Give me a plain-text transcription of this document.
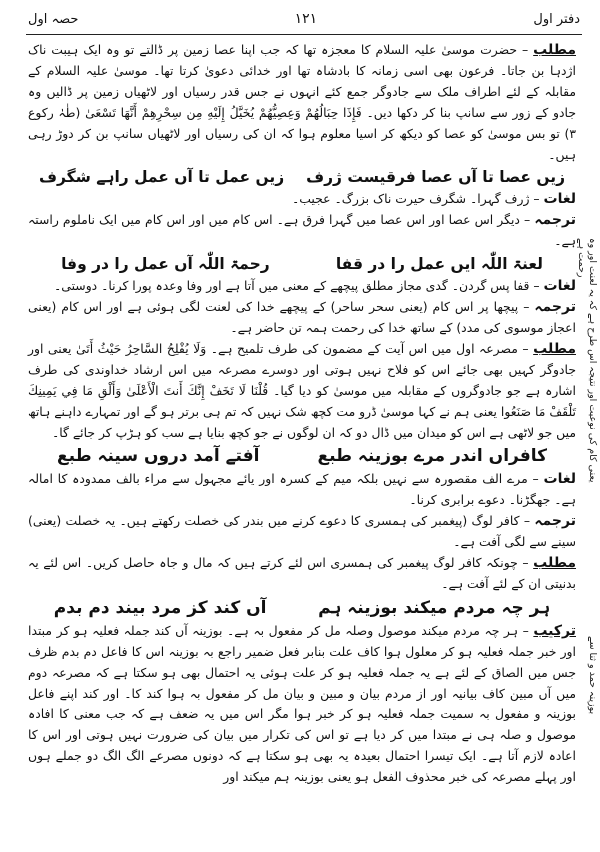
دفتر اول
۱۲۱
حصہ اول

مطلب – حضرت موسیٰ علیہ السلام کا معجزہ تھا کہ جب اپنا عصا زمین پر ڈالتے تو وہ ایک ہیبت ناک اژدہا بن جاتا۔ فرعون بھی اسی زمانہ کا بادشاہ تھا اور خدائی دعویٰ کرتا تھا۔ موسیٰ علیہ السلام کے مقابلہ کے لئے اطراف ملک سے جادوگر جمع کئے انہوں نے جس قدر رسیاں اور لاٹھیاں زمین پر ڈالیں وہ جادو کے زور سے سانپ بنا کر دکھا دیں۔ فَإِذَا حِبَالُهُمْ وَعِصِيُّهُمْ يُخَيَّلُ إِلَيْهِ مِن سِحْرِهِمْ أَنَّهَا تَسْعَىٰ (طٰہٰ رکوع ۳) تو بس موسیٰ کو عصا کو دیکھ کر اسیا معلوم ہوا کہ ان کی رسیاں اور لاٹھیاں سانپ بن کر دوڑ رہی ہیں۔

زیں عصا تا آں عصا فرقیست ژرف
زیں عمل تا آں عمل راہے شگرف

لغات – ژرف گہرا۔ شگرف حیرت ناک بزرگ۔ عجیب۔

ترجمہ – دیگر اس عصا اور اس عصا میں گہرا فرق ہے۔ اس کام میں اور اس کام میں ایک ناملوم راستہ ہے۔

لعنۃ اللّٰہ ایں عمل را در قفا
رحمۃ اللّٰہ آں عمل را در وفا

لغات – قفا پس گردن۔ گدی مجاز مطلق پیچھے کے معنی میں آتا ہے اور وفا وعدہ پورا کرنا۔ دوستی۔

ترجمہ – پیچھا پر اس کام (یعنی سحر ساحر) کے پیچھے خدا کی لعنت لگی ہوئی ہے اور اس کام (یعنی اعجاز موسوی کی مدد) کے ساتھ خدا کی رحمت ہمہ تن حاضر ہے۔

مطلب – مصرعہ اول میں اس آیت کے مضمون کی طرف تلمیح ہے۔ وَلَا يُفْلِحُ السَّاحِرُ حَيْثُ أَتَىٰ یعنی اور جادوگر کہیں بھی جائے اس کو فلاح نہیں ہوتی اور دوسرے مصرعہ میں اس ارشاد خداوندی کی طرف اشارہ ہے جو جادوگروں کے مقابلہ میں موسیٰ کو دیا گیا۔ قُلْنَا لَا تَخَفْ إِنَّكَ أَنتَ الْأَعْلَىٰ وَأَلْقِ مَا فِي يَمِينِكَ تَلْقَفْ مَا صَنَعُوا یعنی ہم نے کہا موسیٰ ڈرو مت کچھ شک نہیں کہ تم ہی برتر ہو گے اور تمہارے داہنے ہاتھ میں جو لاٹھی ہے اس کو میدان میں ڈال دو کہ ان لوگوں نے جو کچھ بنایا ہے سب کو ہڑپ کر جائے گا۔

کافراں اندر مرے بوزینہ طبع
آفتے آمد دروں سینہ طبع

لغات – مرے الف مقصورہ سے نہیں بلکہ میم کے کسرہ اور یائے مجہول سے مراء بالف ممدودہ کا امالہ ہے۔ جھگڑنا۔ دعوے برابری کرنا۔

ترجمہ – کافر لوگ (پیغمبر کی ہمسری کا دعوے کرنے میں بندر کی خصلت رکھتے ہیں۔ یہ خصلت (یعنی) سینے سے لگی آفت ہے۔

مطلب – چونکہ کافر لوگ پیغمبر کی ہمسری اس لئے کرتے ہیں کہ مال و جاہ حاصل کریں۔ اس لئے یہ بدنیتی ان کے لئے آفت ہے۔

ہر چہ مردم میکند بوزینہ ہم
آں کند کز مرد بیند دم بدم

ترکیب – ہر چہ مردم میکند موصول وصلہ مل کر مفعول بہ ہے۔ بوزینہ آں کند جملہ فعلیہ ہو کر مبتدا اور خبر جملہ فعلیہ ہو کر معلول ہوا کاف علت بنابر فعل ضمیر راجع بہ بوزینہ اس کا فاعل دم بدم ظرف جس میں الصاق کے لئے ہے یہ جملہ فعلیہ ہو کر علت ہوئی یہ احتمال بھی ہو سکتا ہے کہ مصرعہ دوم میں آں مبین کاف بیانیہ اور از مردم بیان و مبین و بیان مل کر مفعول بہ ہوا کند کا۔ اور کند اپنے فاعل بوزینہ و مفعول بہ سمیت جملہ فعلیہ ہو کر خبر ہوا مگر اس میں یہ ضعف ہے کہ جب معنی کا افادہ موصول و صلہ ہی نے مبتدا میں کر دیا ہے تو اس کی تکرار میں بیان کی ضرورت نہیں ہوتی اور اس کا اعادہ لازم آتا ہے۔ ایک تیسرا احتمال بعیدہ یہ بھی ہو سکتا ہے کہ دونوں مصرعے الگ الگ دو جملے ہوں اور پہلے مصرعہ کی خبر محذوف الفعل ہو یعنی بوزینہ ہم میکند اور

یعنی کام کی نوعیت اور نتیجہ اس طرح ہے کہ یہ لعنت اور وہ رحمت ہے
بوزینہ حمد و ثنا سے
